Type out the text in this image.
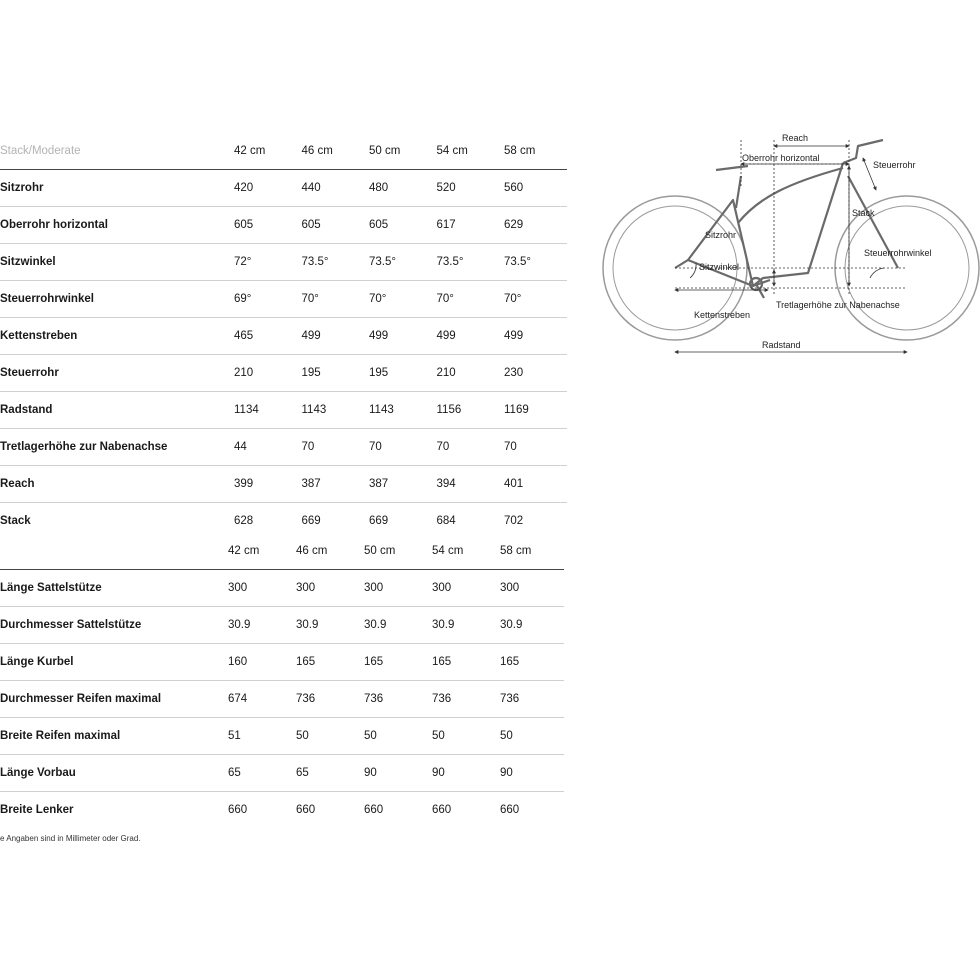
Stack/Moderate	42 cm	46 cm	50 cm	54 cm	58 cm
Sitzrohr	420	440	480	520	560
Oberrohr horizontal	605	605	605	617	629
Sitzwinkel	72°	73.5°	73.5°	73.5°	73.5°
Steuerrohrwinkel	69°	70°	70°	70°	70°
Kettenstreben	465	499	499	499	499
Steuerrohr	210	195	195	210	230
Radstand	1134	1143	1143	1156	1169
Tretlagerhöhe zur Nabenachse	44	70	70	70	70
Reach	399	387	387	394	401
Stack	628	669	669	684	702
	42 cm	46 cm	50 cm	54 cm	58 cm
Länge Sattelstütze	300	300	300	300	300
Durchmesser Sattelstütze	30.9	30.9	30.9	30.9	30.9
Länge Kurbel	160	165	165	165	165
Durchmesser Reifen maximal	674	736	736	736	736
Breite Reifen maximal	51	50	50	50	50
Länge Vorbau	65	65	90	90	90
Breite Lenker	660	660	660	660	660
e Angaben sind in Millimeter oder Grad.
Reach
Oberrohr horizontal
Steuerrohr
Stack
Sitzrohr
Steuerrohrwinkel
Sitzwinkel
Tretlagerhöhe zur Nabenachse
Kettenstreben
Radstand
